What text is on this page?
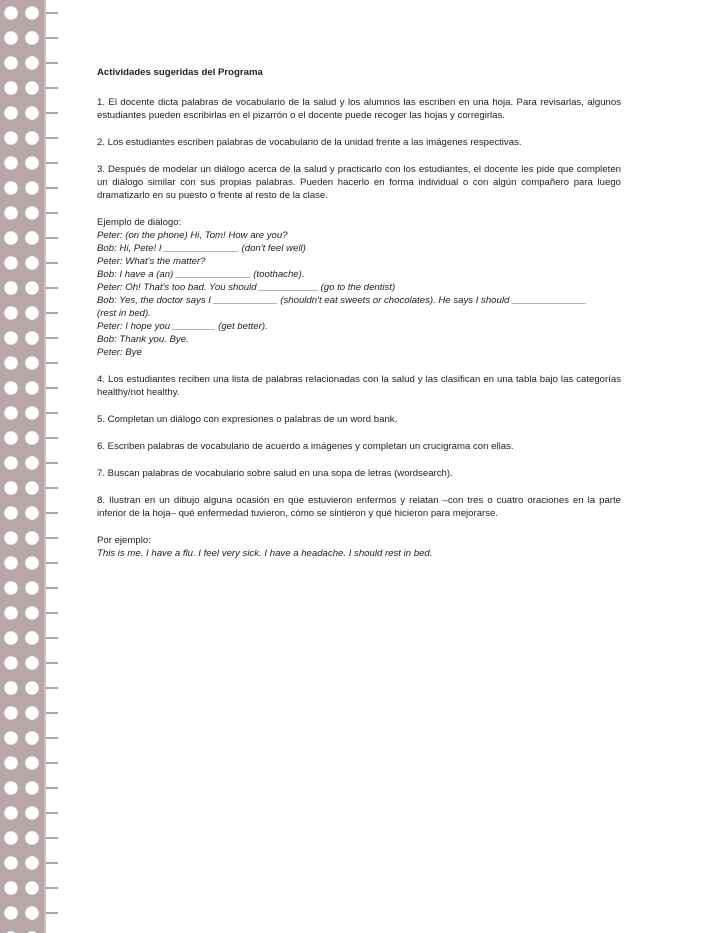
Actividades sugeridas del Programa

1. El docente dicta palabras de vocabulario de la salud y los alumnos las escriben en una hoja. Para revisarlas, algunos estudiantes pueden escribirlas en el pizarrón o el docente puede recoger las hojas y corregirlas.

2. Los estudiantes escriben palabras de vocabulario de la unidad frente a las imágenes respectivas.

3. Después de modelar un diálogo acerca de la salud y practicarlo con los estudiantes, el docente les pide que completen un diálogo similar con sus propias palabras. Pueden hacerlo en forma individual o con algún compañero para luego dramatizarlo en su puesto o frente al resto de la clase.

Ejemplo de diálogo:
Peter: (on the phone) Hi, Tom! How are you?
Bob: Hi, Pete! I ______________ (don't feel well)
Peter: What's the matter?
Bob: I have a (an) ______________ (toothache).
Peter: Oh! That's too bad. You should ___________ (go to the dentist)
Bob: Yes, the doctor says I ____________ (shouldn't eat sweets or chocolates). He says I should ______________
(rest in bed).
Peter: I hope you ________ (get better).
Bob: Thank you. Bye.
Peter: Bye

4. Los estudiantes reciben una lista de palabras relacionadas con la salud y las clasifican en una tabla bajo las categorías healthy/not healthy.

5. Completan un diálogo con expresiones o palabras de un word bank.

6. Escriben palabras de vocabulario de acuerdo a imágenes y completan un crucigrama con ellas.

7. Buscan palabras de vocabulario sobre salud en una sopa de letras (wordsearch).

8. Ilustran en un dibujo alguna ocasión en que estuvieron enfermos y relatan –con tres o cuatro oraciones en la parte inferior de la hoja– qué enfermedad tuvieron, cómo se sintieron y qué hicieron para mejorarse.

Por ejemplo:
This is me. I have a flu. I feel very sick. I have a headache. I should rest in bed.
